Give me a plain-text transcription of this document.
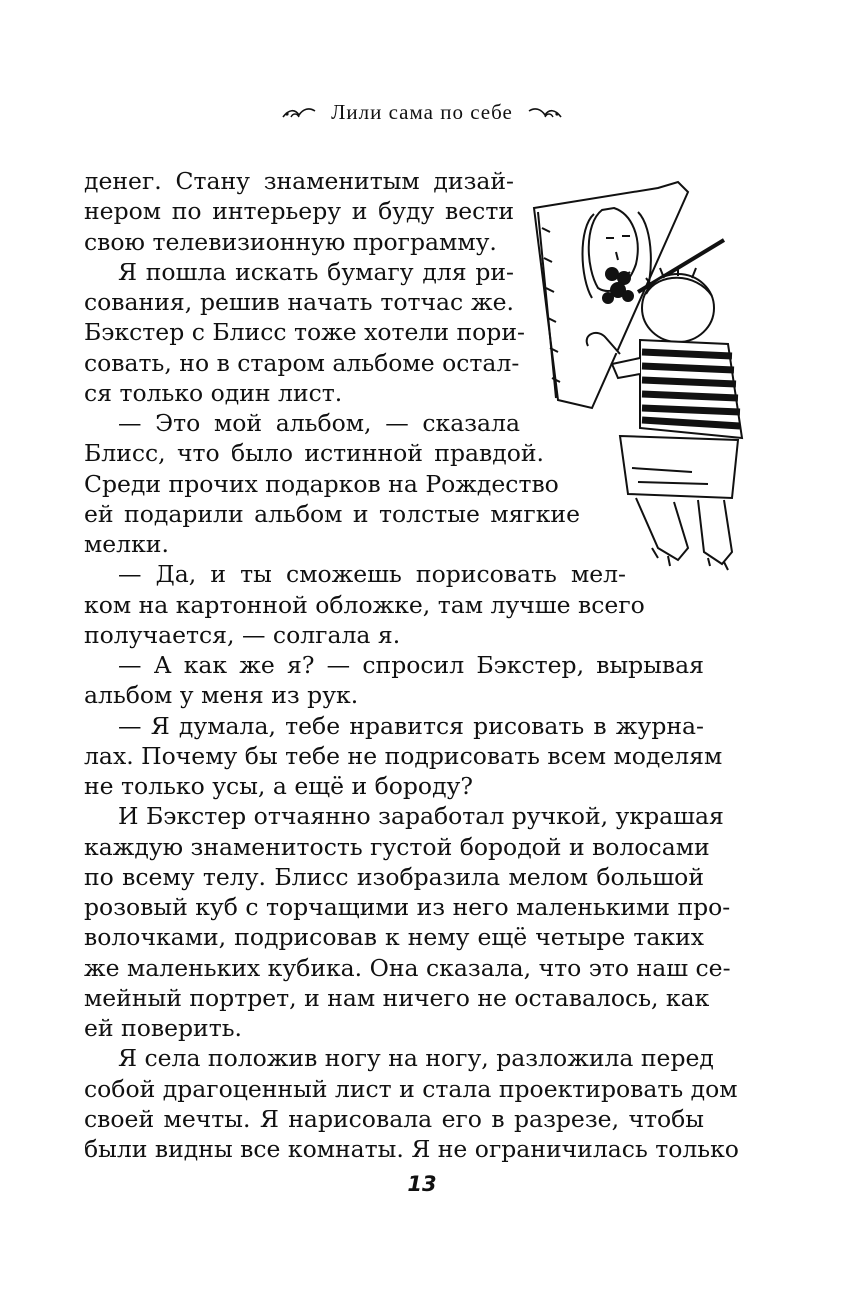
Лили сама по себе
денег. Стану знаменитым дизай-
нером по интерьеру и буду вести
свою телевизионную программу.
Я пошла искать бумагу для ри-
сования, решив начать тотчас же.
Бэкстер с Блисс тоже хотели пори-
совать, но в старом альбоме остал-
ся только один лист.
— Это мой альбом, — сказала
Блисс, что было истинной правдой.
Среди прочих подарков на Рождество
ей подарили альбом и толстые мягкие
мелки.
— Да, и ты сможешь порисовать мел-
ком на картонной обложке, там лучше всего
получается, — солгала я.
— А как же я? — спросил Бэкстер, вырывая
альбом у меня из рук.
— Я думала, тебе нравится рисовать в журна-
лах. Почему бы тебе не подрисовать всем моделям
не только усы, а ещё и бороду?
И Бэкстер отчаянно заработал ручкой, украшая
каждую знаменитость густой бородой и волосами
по всему телу. Блисс изобразила мелом большой
розовый куб с торчащими из него маленькими про-
волочками, подрисовав к нему ещё четыре таких
же маленьких кубика. Она сказала, что это наш се-
мейный портрет, и нам ничего не оставалось, как
ей поверить.
Я села положив ногу на ногу, разложила перед
собой драгоценный лист и стала проектировать дом
своей мечты. Я нарисовала его в разрезе, чтобы
были видны все комнаты. Я не ограничилась только
13
